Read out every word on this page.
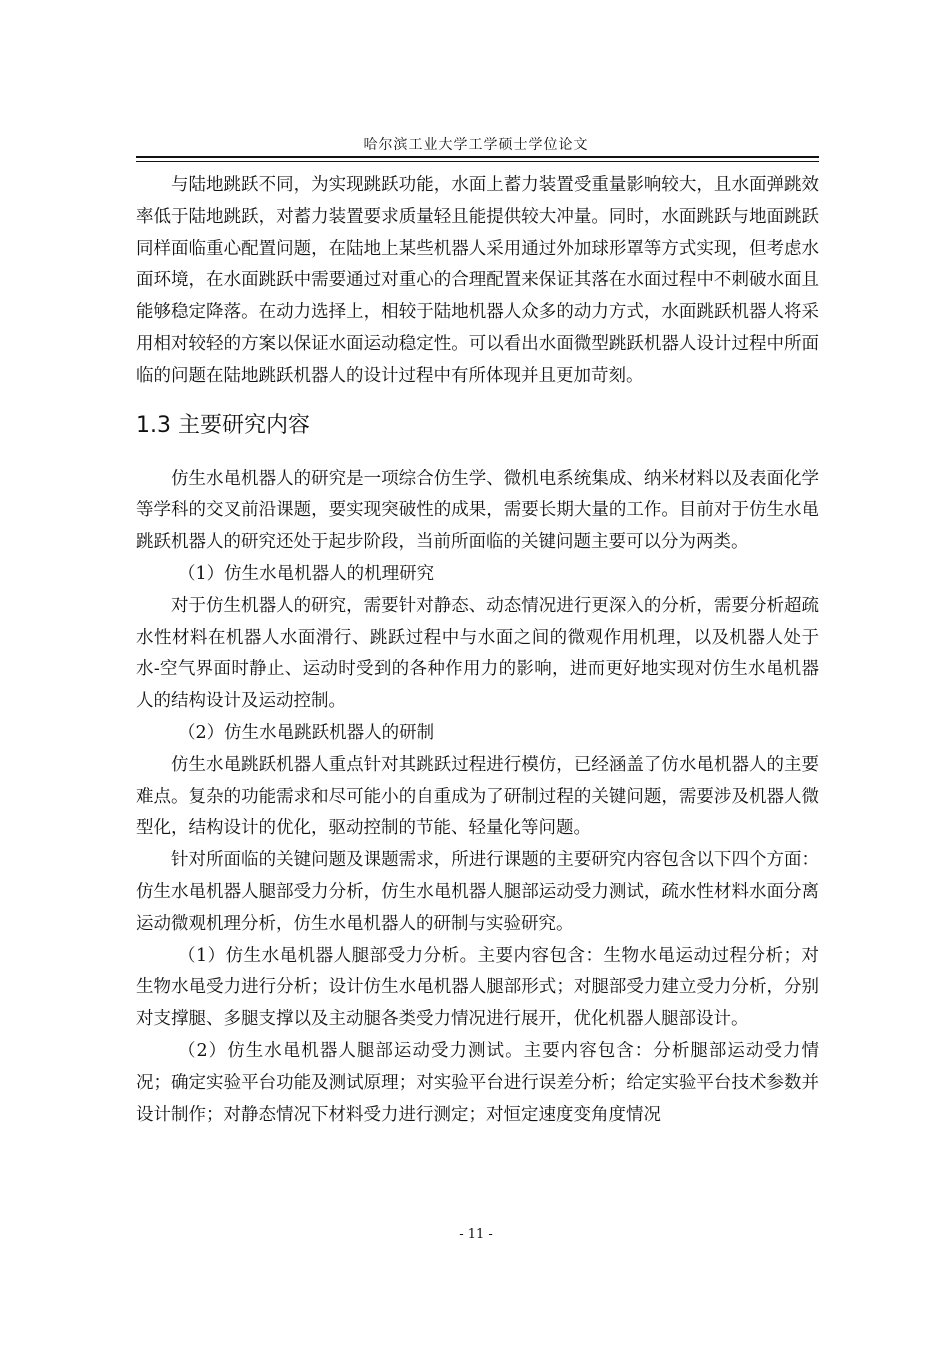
哈尔滨工业大学工学硕士学位论文

与陆地跳跃不同，为实现跳跃功能，水面上蓄力装置受重量影响较大，且水面弹跳效率低于陆地跳跃，对蓄力装置要求质量轻且能提供较大冲量。同时，水面跳跃与地面跳跃同样面临重心配置问题，在陆地上某些机器人采用通过外加球形罩等方式实现，但考虑水面环境，在水面跳跃中需要通过对重心的合理配置来保证其落在水面过程中不刺破水面且能够稳定降落。在动力选择上，相较于陆地机器人众多的动力方式，水面跳跃机器人将采用相对较轻的方案以保证水面运动稳定性。可以看出水面微型跳跃机器人设计过程中所面临的问题在陆地跳跃机器人的设计过程中有所体现并且更加苛刻。

1.3 主要研究内容

仿生水黾机器人的研究是一项综合仿生学、微机电系统集成、纳米材料以及表面化学等学科的交叉前沿课题，要实现突破性的成果，需要长期大量的工作。目前对于仿生水黾跳跃机器人的研究还处于起步阶段，当前所面临的关键问题主要可以分为两类。

（1）仿生水黾机器人的机理研究

对于仿生机器人的研究，需要针对静态、动态情况进行更深入的分析，需要分析超疏水性材料在机器人水面滑行、跳跃过程中与水面之间的微观作用机理，以及机器人处于水-空气界面时静止、运动时受到的各种作用力的影响，进而更好地实现对仿生水黾机器人的结构设计及运动控制。

（2）仿生水黾跳跃机器人的研制

仿生水黾跳跃机器人重点针对其跳跃过程进行模仿，已经涵盖了仿水黾机器人的主要难点。复杂的功能需求和尽可能小的自重成为了研制过程的关键问题，需要涉及机器人微型化，结构设计的优化，驱动控制的节能、轻量化等问题。

针对所面临的关键问题及课题需求，所进行课题的主要研究内容包含以下四个方面：仿生水黾机器人腿部受力分析，仿生水黾机器人腿部运动受力测试，疏水性材料水面分离运动微观机理分析，仿生水黾机器人的研制与实验研究。

（1）仿生水黾机器人腿部受力分析。主要内容包含：生物水黾运动过程分析；对生物水黾受力进行分析；设计仿生水黾机器人腿部形式；对腿部受力建立受力分析，分别对支撑腿、多腿支撑以及主动腿各类受力情况进行展开，优化机器人腿部设计。

（2）仿生水黾机器人腿部运动受力测试。主要内容包含：分析腿部运动受力情况；确定实验平台功能及测试原理；对实验平台进行误差分析；给定实验平台技术参数并设计制作；对静态情况下材料受力进行测定；对恒定速度变角度情况

- 11 -
